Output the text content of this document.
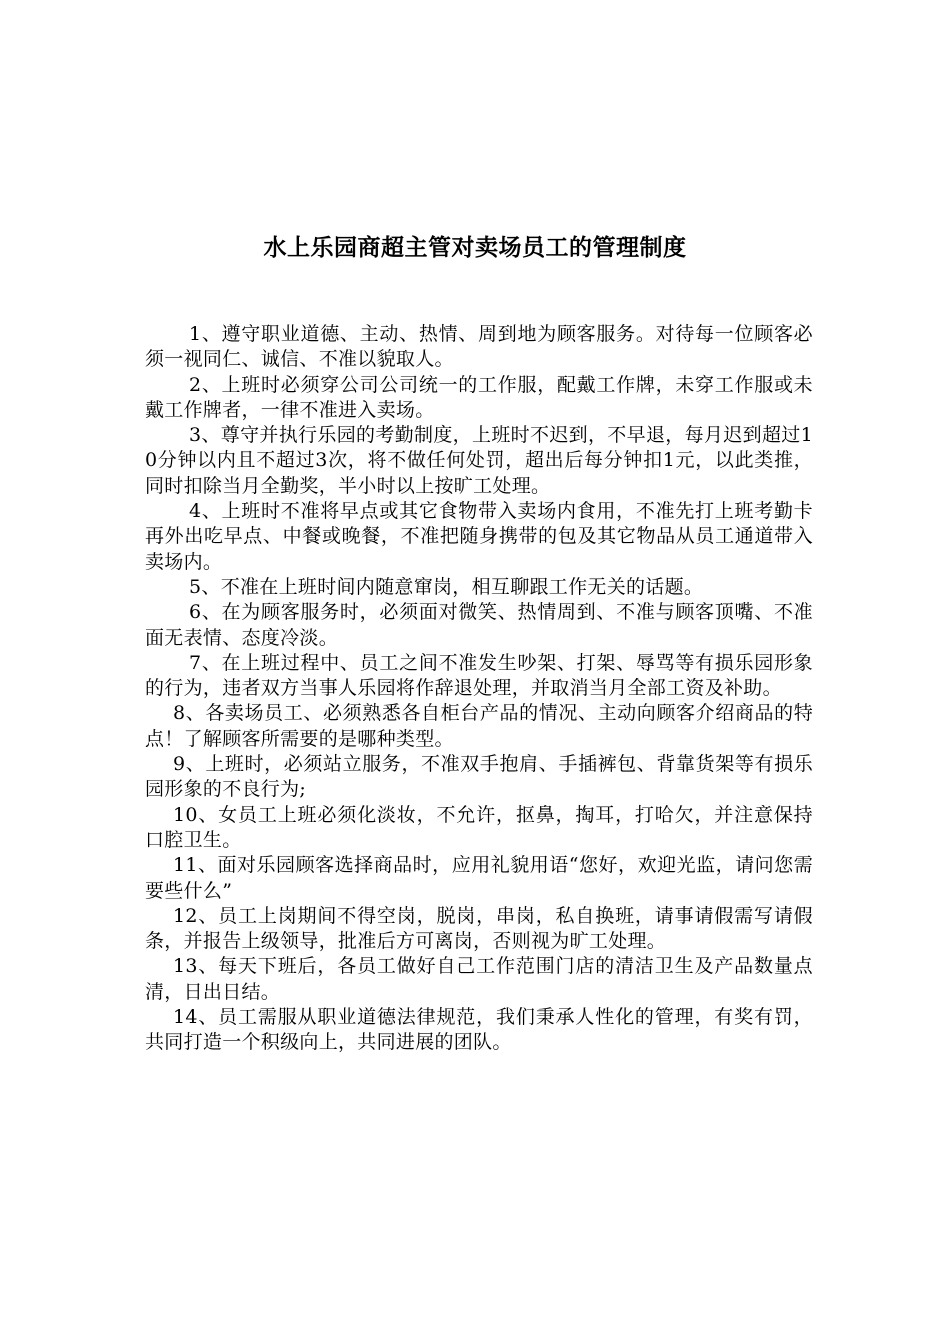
水上乐园商超主管对卖场员工的管理制度

1、遵守职业道德、主动、热情、周到地为顾客服务。对待每一位顾客必须一视同仁、诚信、不准以貌取人。

2、上班时必须穿公司公司统一的工作服，配戴工作牌，未穿工作服或未戴工作牌者，一律不准进入卖场。

3、尊守并执行乐园的考勤制度，上班时不迟到，不早退，每月迟到超过10分钟以内且不超过3次，将不做任何处罚，超出后每分钟扣1元，以此类推，同时扣除当月全勤奖，半小时以上按旷工处理。

4、上班时不准将早点或其它食物带入卖场内食用，不准先打上班考勤卡再外出吃早点、中餐或晚餐，不准把随身携带的包及其它物品从员工通道带入卖场内。

5、不准在上班时间内随意窜岗，相互聊跟工作无关的话题。

6、在为顾客服务时，必须面对微笑、热情周到、不准与顾客顶嘴、不准面无表情、态度冷淡。

7、在上班过程中、员工之间不准发生吵架、打架、辱骂等有损乐园形象的行为，违者双方当事人乐园将作辞退处理，并取消当月全部工资及补助。

8、各卖场员工、必须熟悉各自柜台产品的情况、主动向顾客介绍商品的特点！了解顾客所需要的是哪种类型。

9、上班时，必须站立服务，不准双手抱肩、手插裤包、背靠货架等有损乐园形象的不良行为;

10、女员工上班必须化淡妆，不允许，抠鼻，掏耳，打哈欠，并注意保持口腔卫生。

11、面对乐园顾客选择商品时，应用礼貌用语“您好，欢迎光监，请问您需要些什么”

12、员工上岗期间不得空岗，脱岗，串岗，私自换班，请事请假需写请假条，并报告上级领导，批准后方可离岗，否则视为旷工处理。

13、每天下班后，各员工做好自己工作范围门店的清洁卫生及产品数量点清，日出日结。

14、员工需服从职业道德法律规范，我们秉承人性化的管理，有奖有罚，共同打造一个积级向上，共同进展的团队。
